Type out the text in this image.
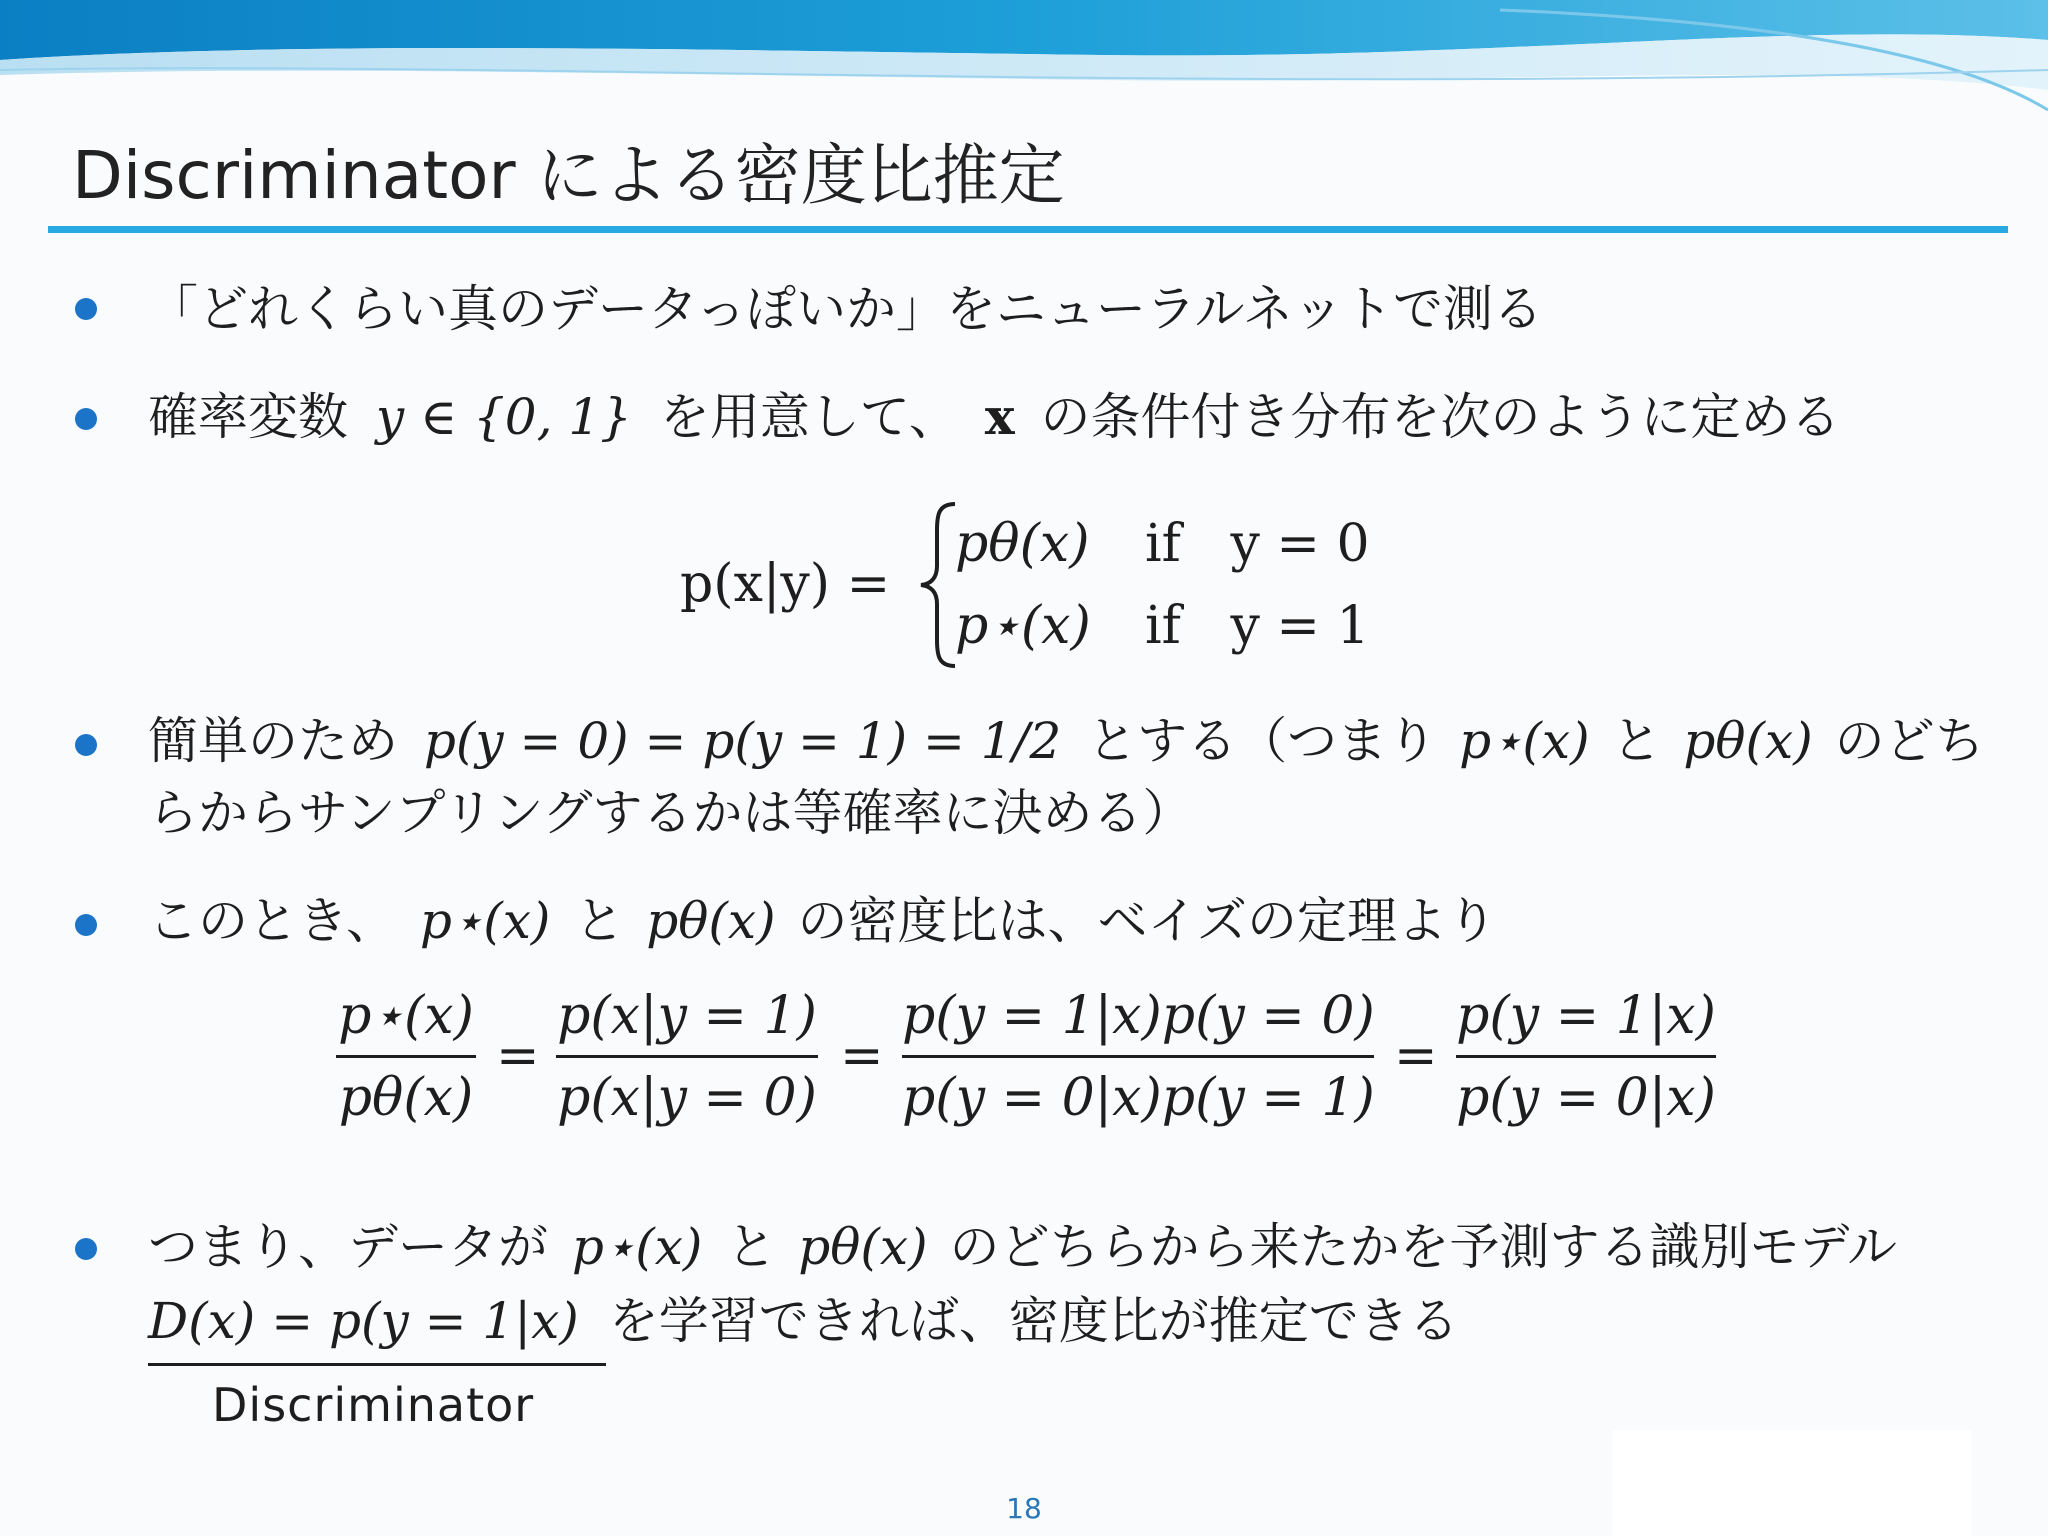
Discriminator による密度比推定
「どれくらい真のデータっぽいか」をニューラルネットで測る
確率変数 y ∈ {0, 1} を用意して、 x の条件付き分布を次のように定める
p(x|y) =
pθ(x) if   y = 0
p⋆(x) if   y = 1
簡単のため p(y = 0) = p(y = 1) = 1/2 とする（つまり p⋆(x) と pθ(x) のどち
らからサンプリングするかは等確率に決める）
このとき、 p⋆(x) と pθ(x) の密度比は、ベイズの定理より
p⋆(x)
pθ(x)
=
p(x|y = 1)
p(x|y = 0)
=
p(y = 1|x)p(y = 0)
p(y = 0|x)p(y = 1)
=
p(y = 1|x)
p(y = 0|x)
つまり、データが p⋆(x) と pθ(x) のどちらから来たかを予測する識別モデル
D(x) = p(y = 1|x) を学習できれば、密度比が推定できる
Discriminator
18
